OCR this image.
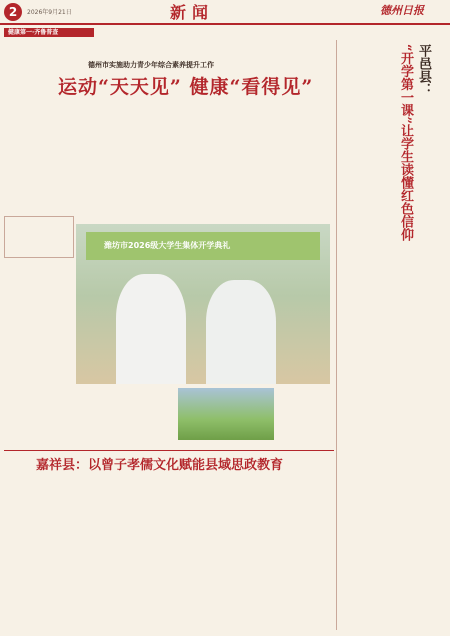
2	2026年9月21日	新闻	德州日报
健康第一·齐鲁普查
德州市实施助力青少年综合素养提升工作
运动“天天见” 健康“看得见”
潍坊市2026级大学生集体开学典礼
嘉祥县：以曾子孝儒文化赋能县域思政教育
平邑县：
“开学第一课”让学生读懂红色信仰
